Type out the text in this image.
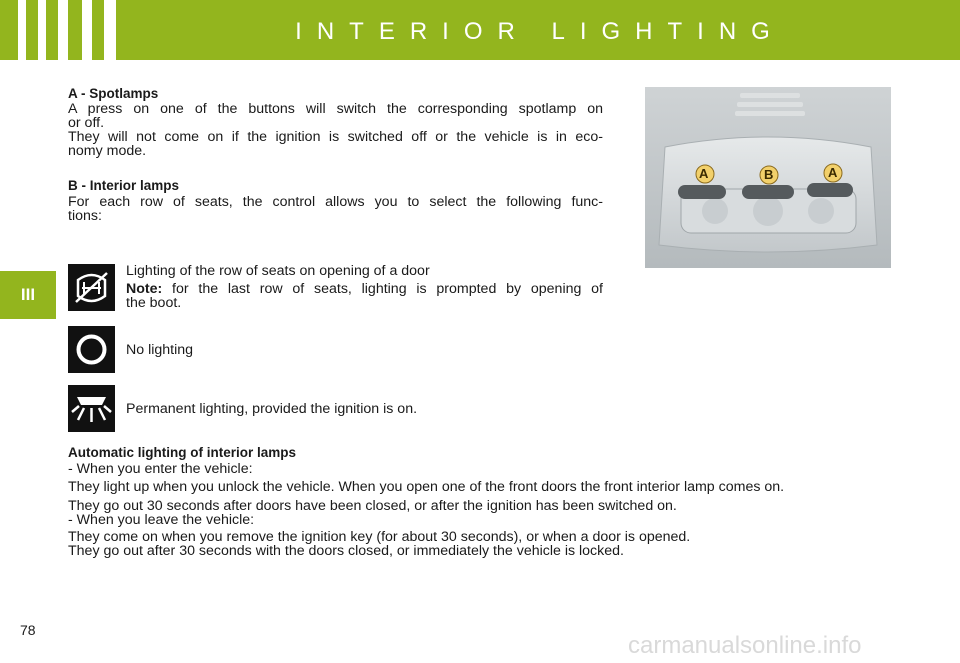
INTERIOR LIGHTING
III
A - Spotlamps
A press on one of the buttons will switch the corresponding spotlamp on
or off.
They will not come on if the ignition is switched off or the vehicle is in eco-
nomy mode.
B - Interior lamps
For each row of seats, the control allows you to select the following func-
tions:
Lighting of the row of seats on opening of a door
Note: for the last row of seats, lighting is prompted by opening of
the boot.
No lighting
Permanent lighting, provided the ignition is on.
A	B	A
Automatic lighting of interior lamps
- When you enter the vehicle:
They light up when you unlock the vehicle. When you open one of the front doors the front interior lamp comes on.
They go out 30 seconds after doors have been closed, or after the ignition has been switched on.
- When you leave the vehicle:
They come on when you remove the ignition key (for about 30 seconds), or when a door is opened.
They go out after 30 seconds with the doors closed, or immediately the vehicle is locked.
78
carmanualsonline.info
